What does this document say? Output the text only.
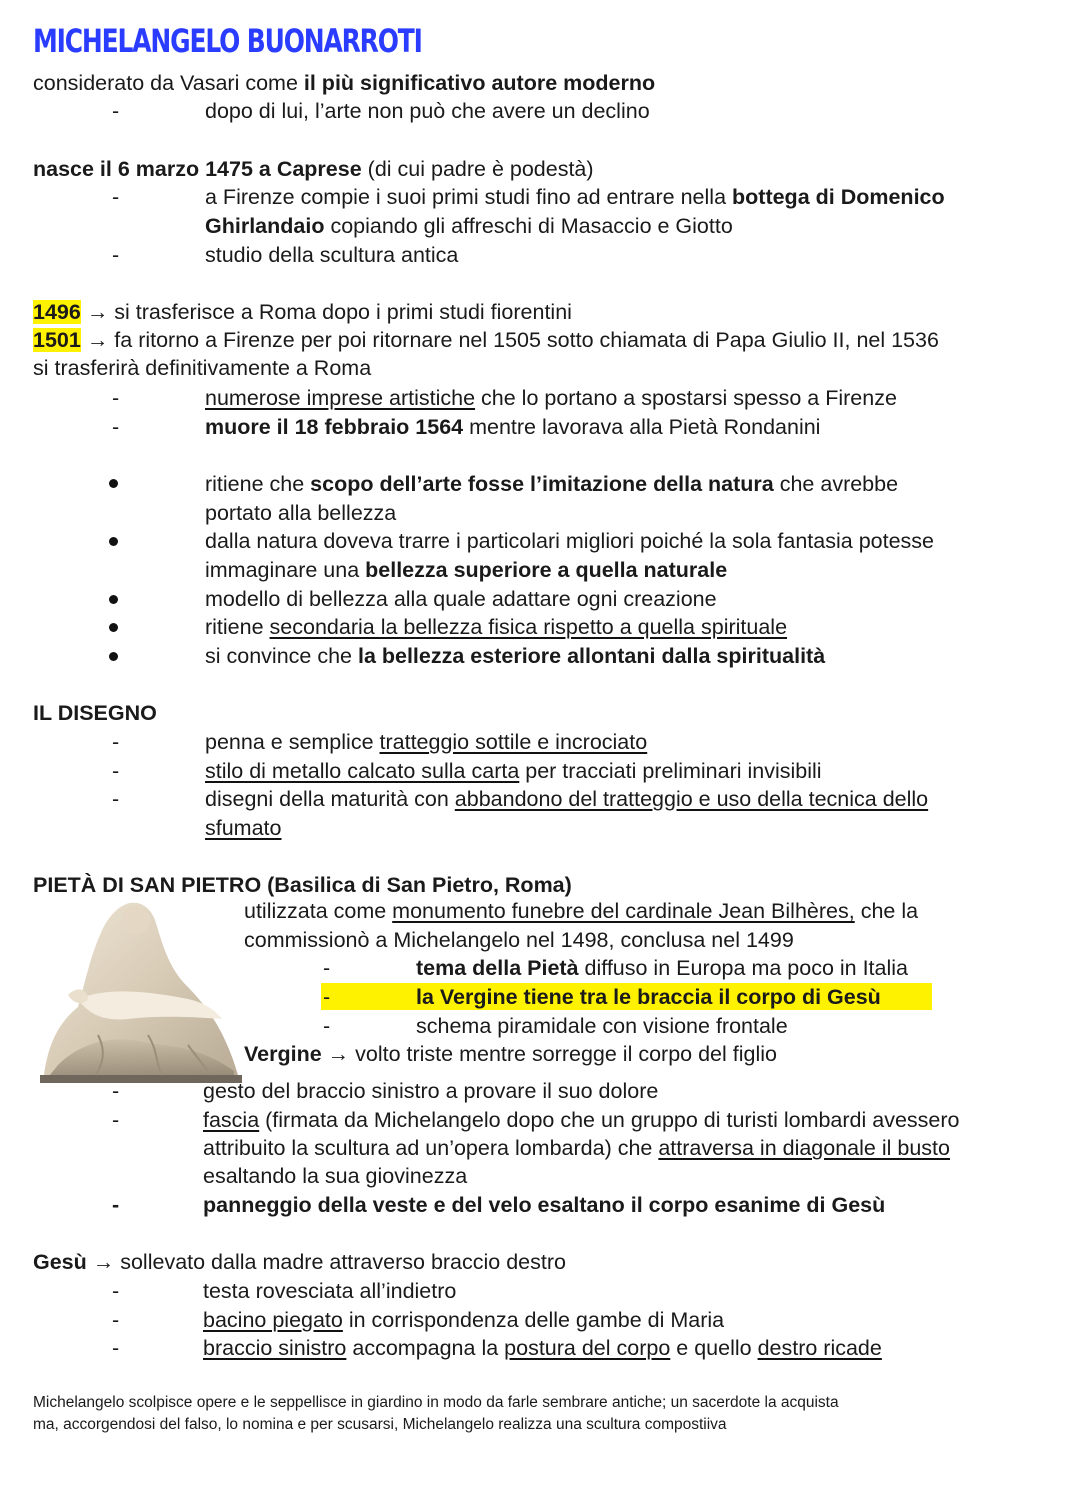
MICHELANGELO BUONARROTI
considerato da Vasari come il più significativo autore moderno
-	dopo di lui, l’arte non può che avere un declino
nasce il 6 marzo 1475 a Caprese (di cui padre è podestà)
-	a Firenze compie i suoi primi studi fino ad entrare nella bottega di Domenico
Ghirlandaio copiando gli affreschi di Masaccio e Giotto
-	studio della scultura antica
1496 → si trasferisce a Roma dopo i primi studi fiorentini
1501 → fa ritorno a Firenze per poi ritornare nel 1505 sotto chiamata di Papa Giulio II, nel 1536
si trasferirà definitivamente a Roma
-	numerose imprese artistiche che lo portano a spostarsi spesso a Firenze
-	muore il 18 febbraio 1564 mentre lavorava alla Pietà Rondanini
ritiene che scopo dell’arte fosse l’imitazione della natura che avrebbe
portato alla bellezza
dalla natura doveva trarre i particolari migliori poiché la sola fantasia potesse
immaginare una bellezza superiore a quella naturale
modello di bellezza alla quale adattare ogni creazione
ritiene secondaria la bellezza fisica rispetto a quella spirituale
si convince che la bellezza esteriore allontani dalla spiritualità
IL DISEGNO
-	penna e semplice tratteggio sottile e incrociato
-	stilo di metallo calcato sulla carta per tracciati preliminari invisibili
-	disegni della maturità con abbandono del tratteggio e uso della tecnica dello
sfumato
PIETÀ DI SAN PIETRO (Basilica di San Pietro, Roma)
utilizzata come monumento funebre del cardinale Jean Bilhères, che la
commissionò a Michelangelo nel 1498, conclusa nel 1499
-	tema della Pietà diffuso in Europa ma poco in Italia
-	la Vergine tiene tra le braccia il corpo di Gesù
-	schema piramidale con visione frontale
Vergine → volto triste mentre sorregge il corpo del figlio
-	gesto del braccio sinistro a provare il suo dolore
-	fascia (firmata da Michelangelo dopo che un gruppo di turisti lombardi avessero
attribuito la scultura ad un’opera lombarda) che attraversa in diagonale il busto
esaltando la sua giovinezza
-	panneggio della veste e del velo esaltano il corpo esanime di Gesù
Gesù → sollevato dalla madre attraverso braccio destro
-	testa rovesciata all’indietro
-	bacino piegato in corrispondenza delle gambe di Maria
-	braccio sinistro accompagna la postura del corpo e quello destro ricade
Michelangelo scolpisce opere e le seppellisce in giardino in modo da farle sembrare antiche; un sacerdote la acquista
ma, accorgendosi del falso, lo nomina e per scusarsi, Michelangelo realizza una scultura compostiiva
